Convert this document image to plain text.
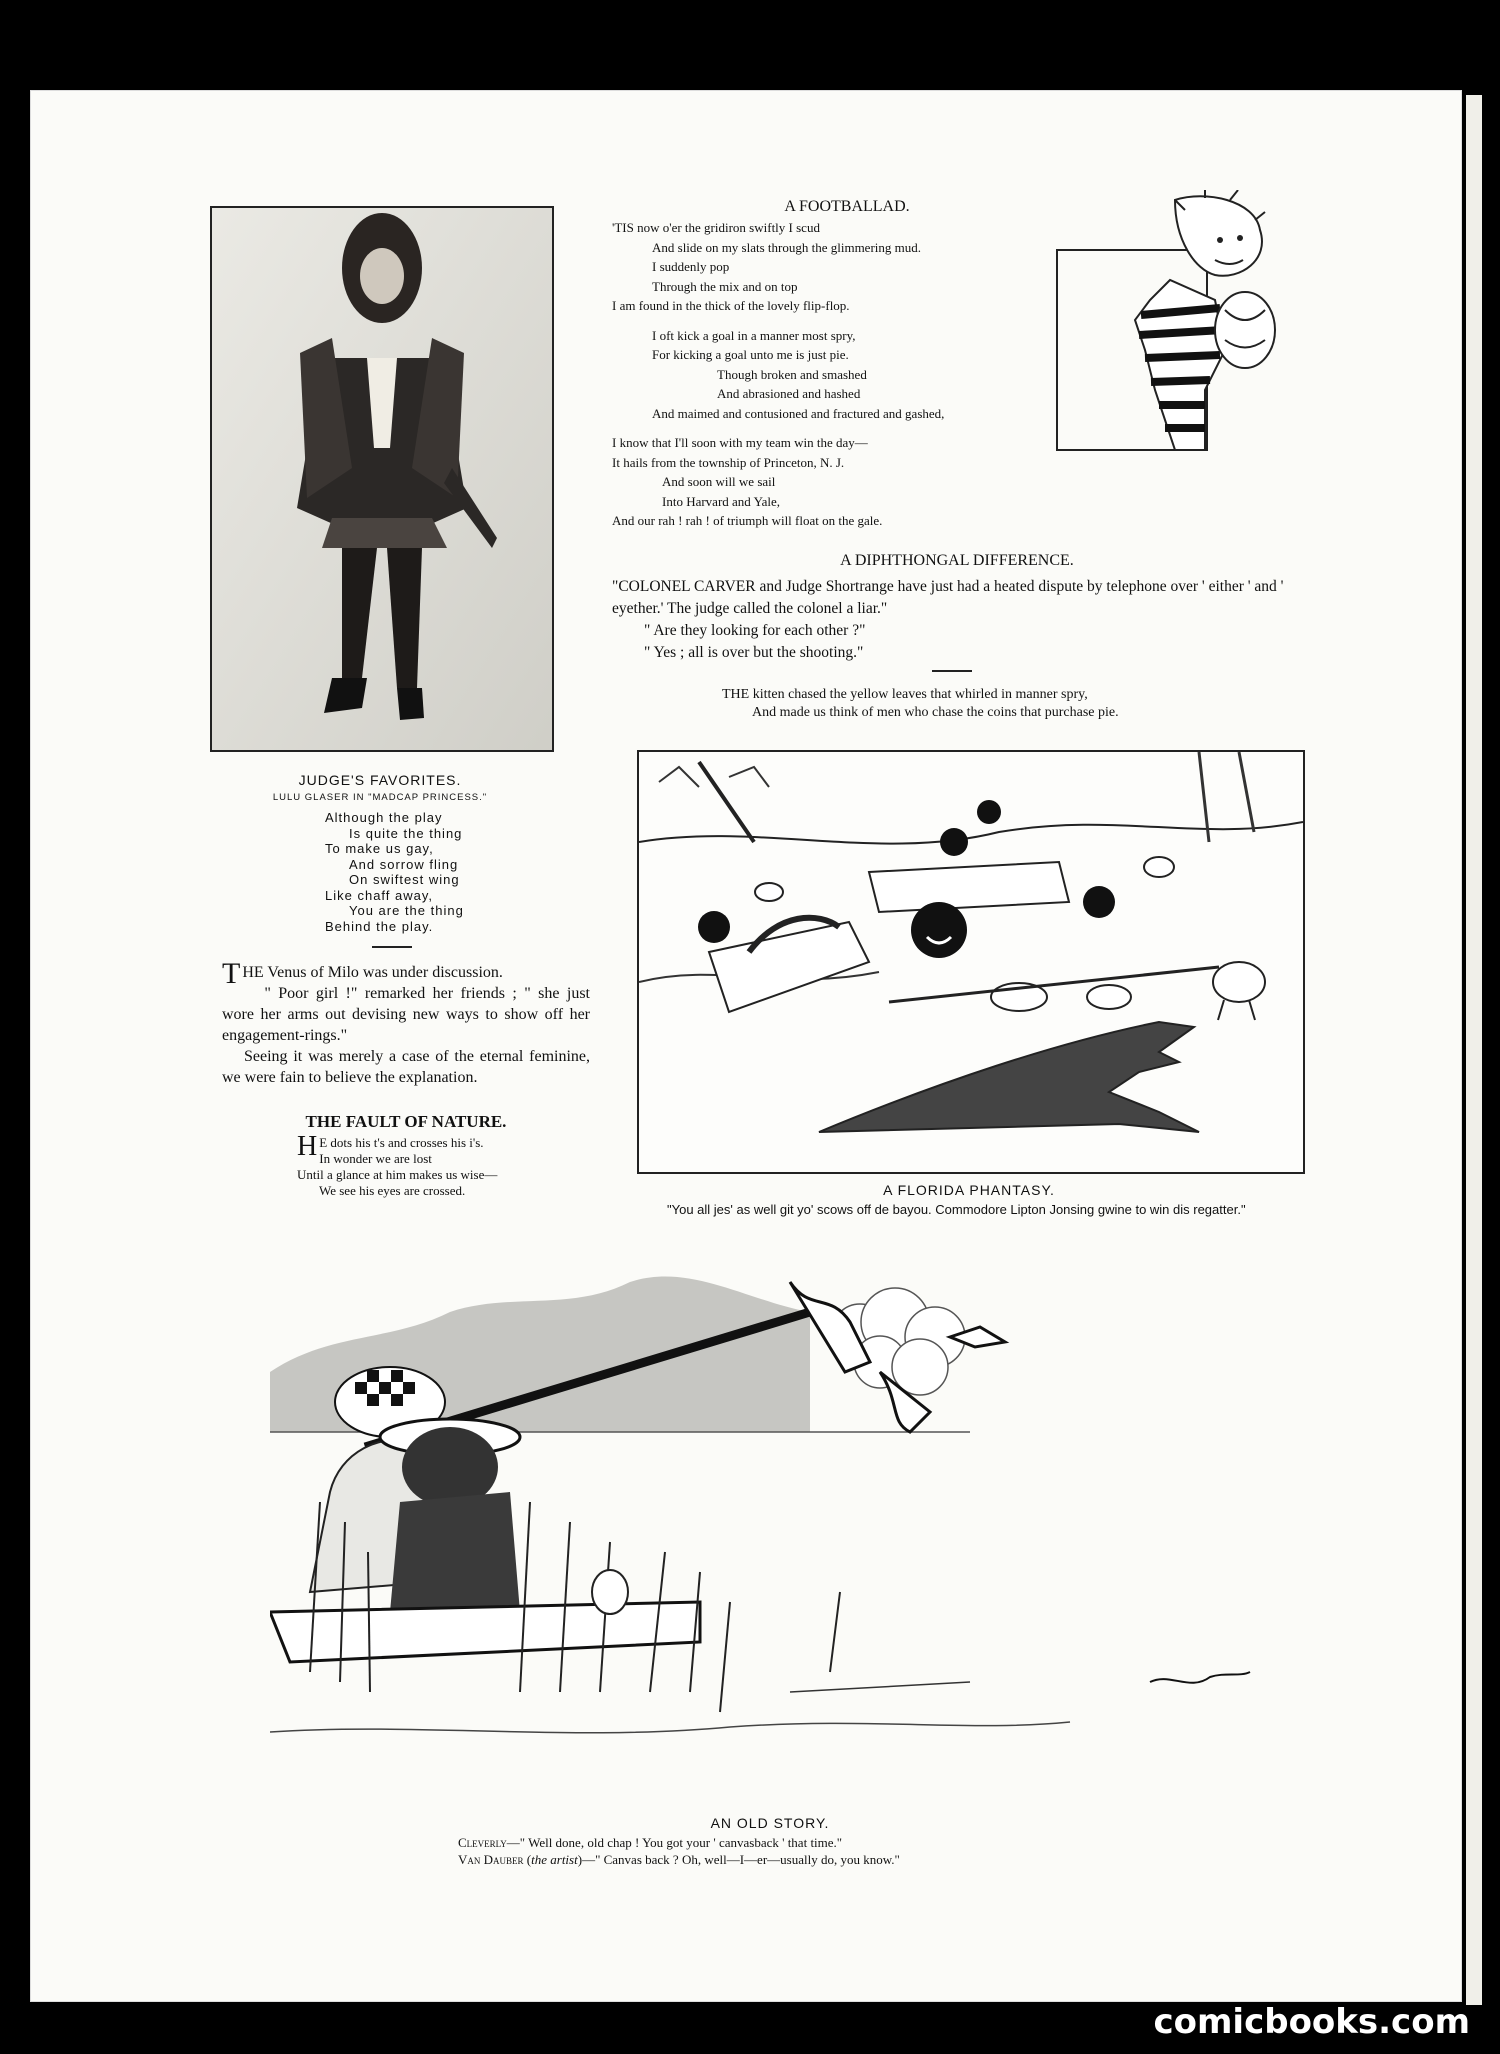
JUDGE'S FAVORITES.
LULU GLASER IN "MADCAP PRINCESS."
Although the play
Is quite the thing
To make us gay,
And sorrow fling
On swiftest wing
Like chaff away,
You are the thing
Behind the play.

THE Venus of Milo was under discussion.

" Poor girl !" remarked her friends ; " she just wore her arms out devising new ways to show off her engagement-rings."

Seeing it was merely a case of the eternal feminine, we were fain to believe the explanation.

THE FAULT OF NATURE.
H E dots his t's and crosses his i's.
In wonder we are lost
Until a glance at him makes us wise—
We see his eyes are crossed.
A FOOTBALLAD.
'TIS now o'er the gridiron swiftly I scud
And slide on my slats through the glimmering mud.
I suddenly pop
Through the mix and on top
I am found in the thick of the lovely flip-flop.
I oft kick a goal in a manner most spry,
For kicking a goal unto me is just pie.
Though broken and smashed
And abrasioned and hashed
And maimed and contusioned and fractured and gashed,
I know that I'll soon with my team win the day—
It hails from the township of Princeton, N. J.
And soon will we sail
Into Harvard and Yale,
And our rah ! rah ! of triumph will float on the gale.
A DIPHTHONGAL DIFFERENCE.

"COLONEL CARVER and Judge Shortrange have just had a heated dispute by telephone over ' either ' and ' eyether.' The judge called the colonel a liar."

" Are they looking for each other ?"

" Yes ; all is over but the shooting."

THE kitten chased the yellow leaves that whirled in manner spry,
And made us think of men who chase the coins that purchase pie.
A FLORIDA PHANTASY.
"You all jes' as well git yo' scows off de bayou. Commodore Lipton Jonsing gwine to win dis regatter."
AN OLD STORY.
Cleverly—" Well done, old chap ! You got your ' canvasback ' that time."
Van Dauber (the artist)—" Canvas back ? Oh, well—I—er—usually do, you know."
comicbooks.com
